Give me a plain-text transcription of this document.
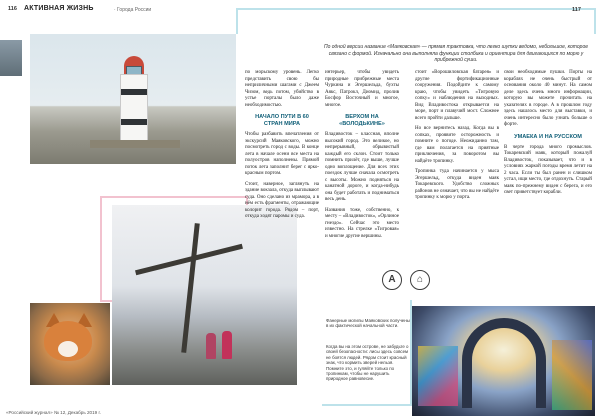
116 АКТИВНАЯ ЖИЗНЬ	· Города России	117
По одной версии название «Маяковская» — прямая трактовка, что легко шутки ведомо, небольшое, которое связано с формой. Изначально она выполняла функции столбика и ориентира для двигающихся по морю у прибрежной суши.

по морьскому уровень. Легко представить свою бы неприличными шагами с Джеем Чизом, ведь потом, убийство в устье порталы было даже необходимостью.

НАЧАЛО ПУТИ В 60 СТРАН МИРА

Чтобы разбавить впечатления от экскурсий Маяковского, можно посмотреть город с воды. В конце лета в начале осени все места на полуостров наполнены. Прямой поток лета заполнит берег с ярко-красным портом.

Стоит, наверное, заглянуть на здание вокзала, откуда выплывают суда. Оно сделано из мрамора, а в нём есть фрагменты, отражающие колорит города. Рядом – порт, откуда ходят паромы и суда.

интерьер, чтобы увидеть природные прибрежные места Чуркина и Эгершельда, бухты Аякс, Патрокл, Диомид, пролив Босфор Восточный и многое, многое.

ВЕРХОМ НА «ВОЛОДЬКИНЕ»

Владивосток – классная, вполне высокий город. Это великое, но непрерывный, обрывистый каждый его склон. Стоит только помнить прилёт, где выше, лучше одно воплощение. Для всех этих поездок лучше сначала осмотреть с высоты. Можно подняться на канатной дороге, и когда-нибудь она будет работать и подниматься весь день.

Названия тоже, собственно, к месту – «Владивосток», «Орлиное гнездо». Сейчас это место известно. На стрелке «Тигровая» и многие другие вершины.

стоит «Ворошиловская батарея» и другие фортификационные сооружения. Подойдите к самому краю, чтобы увидеть «Тигровую сопку» и наблюдения на выходных. Вид Владивостока открывается на море, порт и плавучий мост. Сложнее всего пройти дальше.

Но все вернитесь назад. Когда вы в сопках, проявите осторожность и помните о погоде. Неожиданно там, где вам полагается на приятные приключения, за поворотом вы найдёте тропинку.

Тропинка туда начинается у мыса Эгершельд, откуда виден маяк Токаревского. Удобство сложных районов не означает, что вы не найдёте тропинку к морю у порта.

свои необходимые пушки. Порты на кораблях не очень быстрый от основания около 40 минут. На самом деле здесь очень много информации, которую вы можете прочитать на указателях в городе. А в прошлом году здесь нашлось место для выставки, и очень интересно было узнать больше о форте.

УМАЕКА И НА РУССКОМ

В черте города много промыслов. Токаревский маяк, который пожалуй Владивосток, показывает, что и в условиях жаркой погоды время летит на 2 часа. Если ты был ранен и слишком устал, ищи место, где отдохнуть. Старый маяк по-прежнему виден с берега, и его свет приветствует корабли.

A	⌂
Фанерные могилы Маяковских получены в их фактической начальной части.
Когда вы на этом острове, не забудьте о своей безопасности: лисы здесь совсем не боятся людей. Рядом стоит красный знак, что кормить зверей нельзя. Помните это, и гуляйте только по тропинкам, чтобы не нарушить природное равновесие.
«Российский журнал» № 12, Декабрь 2019 г.
